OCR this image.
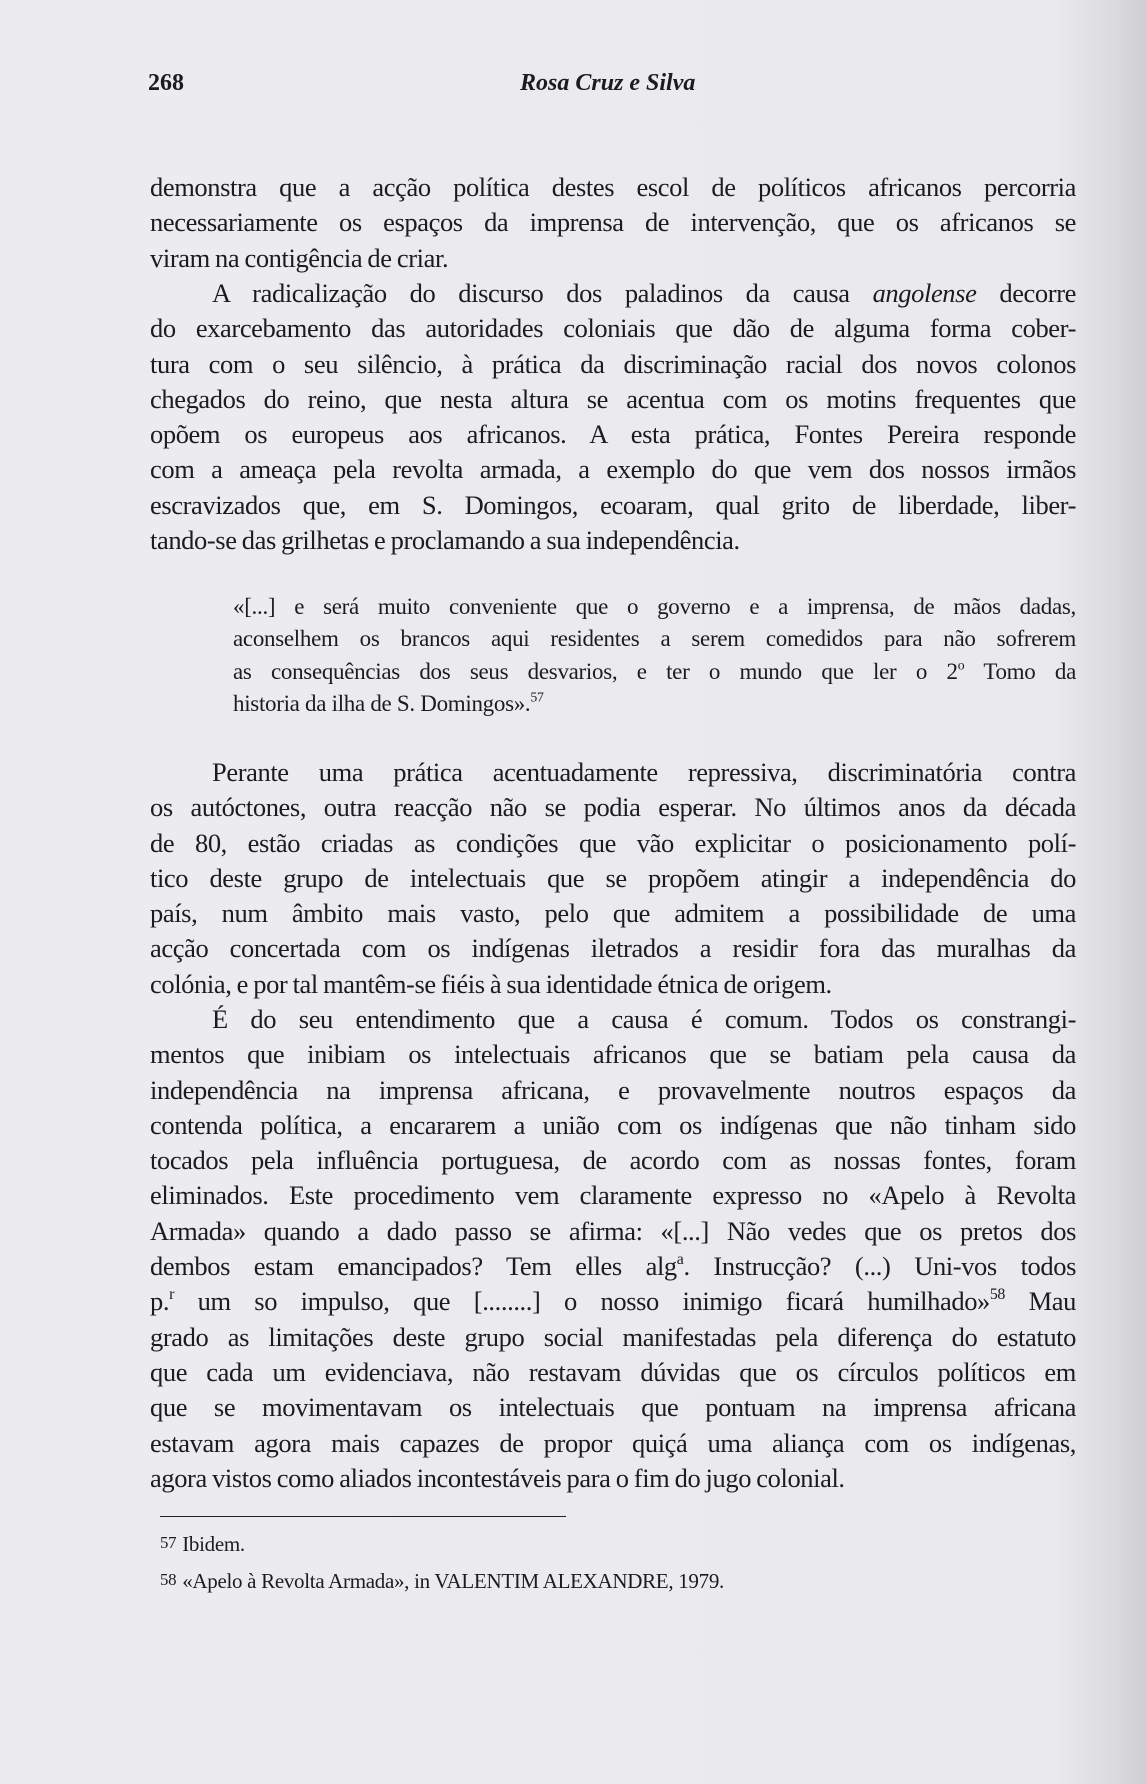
268	Rosa Cruz e Silva
demonstra que a acção política destes escol de políticos africanos percorria
necessariamente os espaços da imprensa de intervenção, que os africanos se
viram na contigência de criar.
A radicalização do discurso dos paladinos da causa angolense decorre
do exarcebamento das autoridades coloniais que dão de alguma forma cober-
tura com o seu silêncio, à prática da discriminação racial dos novos colonos
chegados do reino, que nesta altura se acentua com os motins frequentes que
opõem os europeus aos africanos. A esta prática, Fontes Pereira responde
com a ameaça pela revolta armada, a exemplo do que vem dos nossos irmãos
escravizados que, em S. Domingos, ecoaram, qual grito de liberdade, liber-
tando-se das grilhetas e proclamando a sua independência.
«[...] e será muito conveniente que o governo e a imprensa, de mãos dadas,
aconselhem os brancos aqui residentes a serem comedidos para não sofrerem
as consequências dos seus desvarios, e ter o mundo que ler o 2$^o$ Tomo da
historia da ilha de S. Domingos».$^{57}$
Perante uma prática acentuadamente repressiva, discriminatória contra
os autóctones, outra reacção não se podia esperar. No últimos anos da década
de 80, estão criadas as condições que vão explicitar o posicionamento polí-
tico deste grupo de intelectuais que se propõem atingir a independência do
país, num âmbito mais vasto, pelo que admitem a possibilidade de uma
acção concertada com os indígenas iletrados a residir fora das muralhas da
colónia, e por tal mantêm-se fiéis à sua identidade étnica de origem.
É do seu entendimento que a causa é comum. Todos os constrangi-
mentos que inibiam os intelectuais africanos que se batiam pela causa da
independência na imprensa africana, e provavelmente noutros espaços da
contenda política, a encararem a união com os indígenas que não tinham sido
tocados pela influência portuguesa, de acordo com as nossas fontes, foram
eliminados. Este procedimento vem claramente expresso no «Apelo à Revolta
Armada» quando a dado passo se afirma: «[...] Não vedes que os pretos dos
dembos estam emancipados? Tem elles alg$^a$. Instrucção? (...) Uni-vos todos
p.$^r$ um so impulso, que [........] o nosso inimigo ficará humilhado»$^{58}$ Mau
grado as limitações deste grupo social manifestadas pela diferença do estatuto
que cada um evidenciava, não restavam dúvidas que os círculos políticos em
que se movimentavam os intelectuais que pontuam na imprensa africana
estavam agora mais capazes de propor quiçá uma aliança com os indígenas,
agora vistos como aliados incontestáveis para o fim do jugo colonial.
$^{57}$ Ibidem.
$^{58}$ «Apelo à Revolta Armada», in VALENTIM ALEXANDRE, 1979.
